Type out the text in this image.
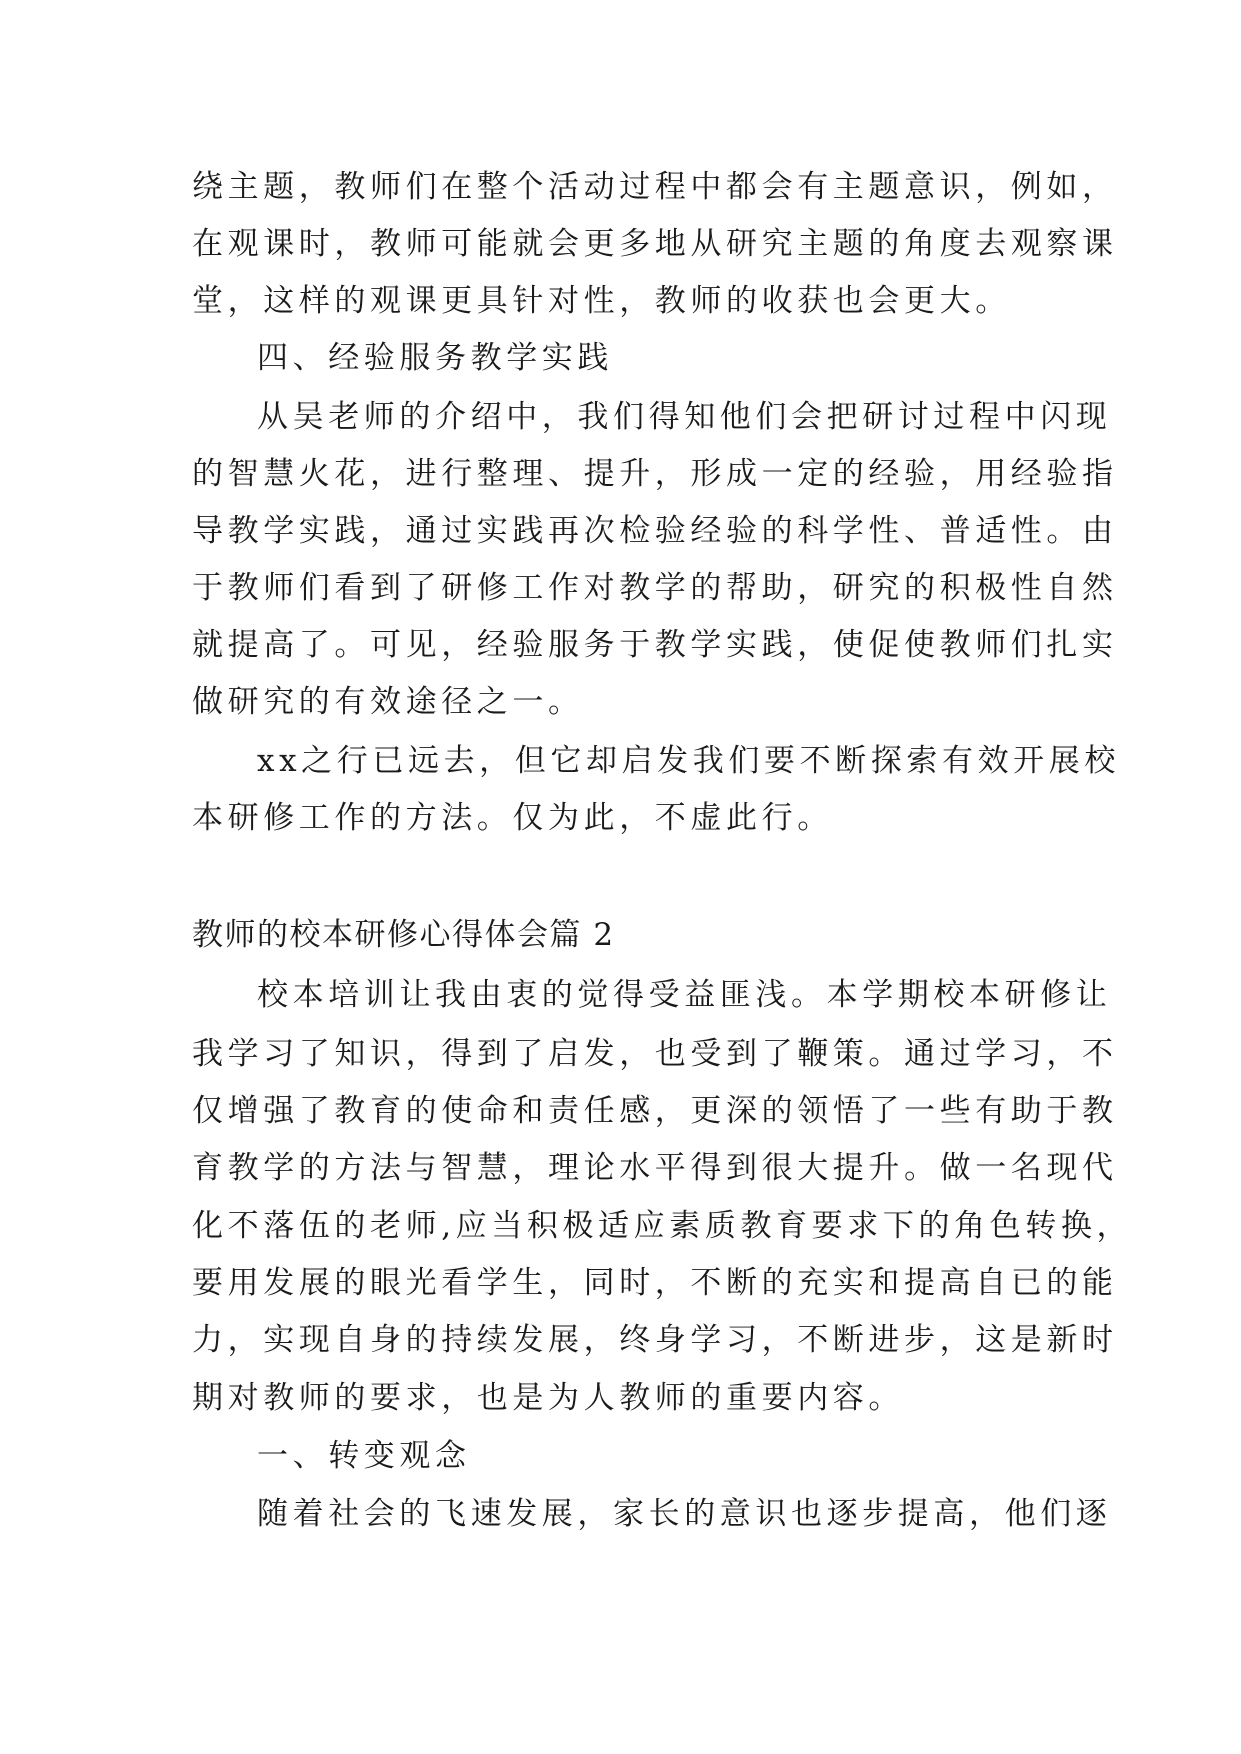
绕主题，教师们在整个活动过程中都会有主题意识，例如，
在观课时，教师可能就会更多地从研究主题的角度去观察课
堂，这样的观课更具针对性，教师的收获也会更大。
四、经验服务教学实践
从吴老师的介绍中，我们得知他们会把研讨过程中闪现
的智慧火花，进行整理、提升，形成一定的经验，用经验指
导教学实践，通过实践再次检验经验的科学性、普适性。由
于教师们看到了研修工作对教学的帮助，研究的积极性自然
就提高了。可见，经验服务于教学实践，使促使教师们扎实
做研究的有效途径之一。
xx之行已远去，但它却启发我们要不断探索有效开展校
本研修工作的方法。仅为此，不虚此行。
教师的校本研修心得体会篇 2
校本培训让我由衷的觉得受益匪浅。本学期校本研修让
我学习了知识，得到了启发，也受到了鞭策。通过学习，不
仅增强了教育的使命和责任感，更深的领悟了一些有助于教
育教学的方法与智慧，理论水平得到很大提升。做一名现代
化不落伍的老师,应当积极适应素质教育要求下的角色转换，
要用发展的眼光看学生，同时，不断的充实和提高自已的能
力，实现自身的持续发展，终身学习，不断进步，这是新时
期对教师的要求，也是为人教师的重要内容。
一、转变观念
随着社会的飞速发展，家长的意识也逐步提高，他们逐
